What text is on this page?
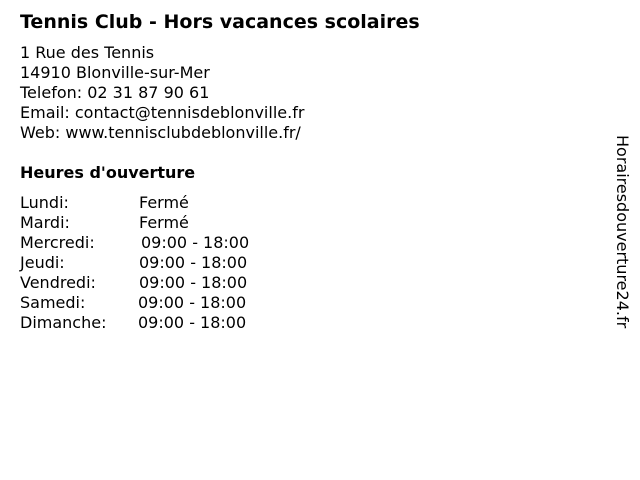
Tennis Club - Hors vacances scolaires
1 Rue des Tennis
14910 Blonville-sur-Mer
Telefon: 02 31 87 90 61
Email: contact@tennisdeblonville.fr
Web: www.tennisclubdeblonville.fr/
Heures d'ouverture
Lundi:	Fermé
Mardi:	Fermé
Mercredi:	09:00 - 18:00
Jeudi:	09:00 - 18:00
Vendredi:	09:00 - 18:00
Samedi:	09:00 - 18:00
Dimanche: 09:00 - 18:00	Horairesdouverture24.fr
